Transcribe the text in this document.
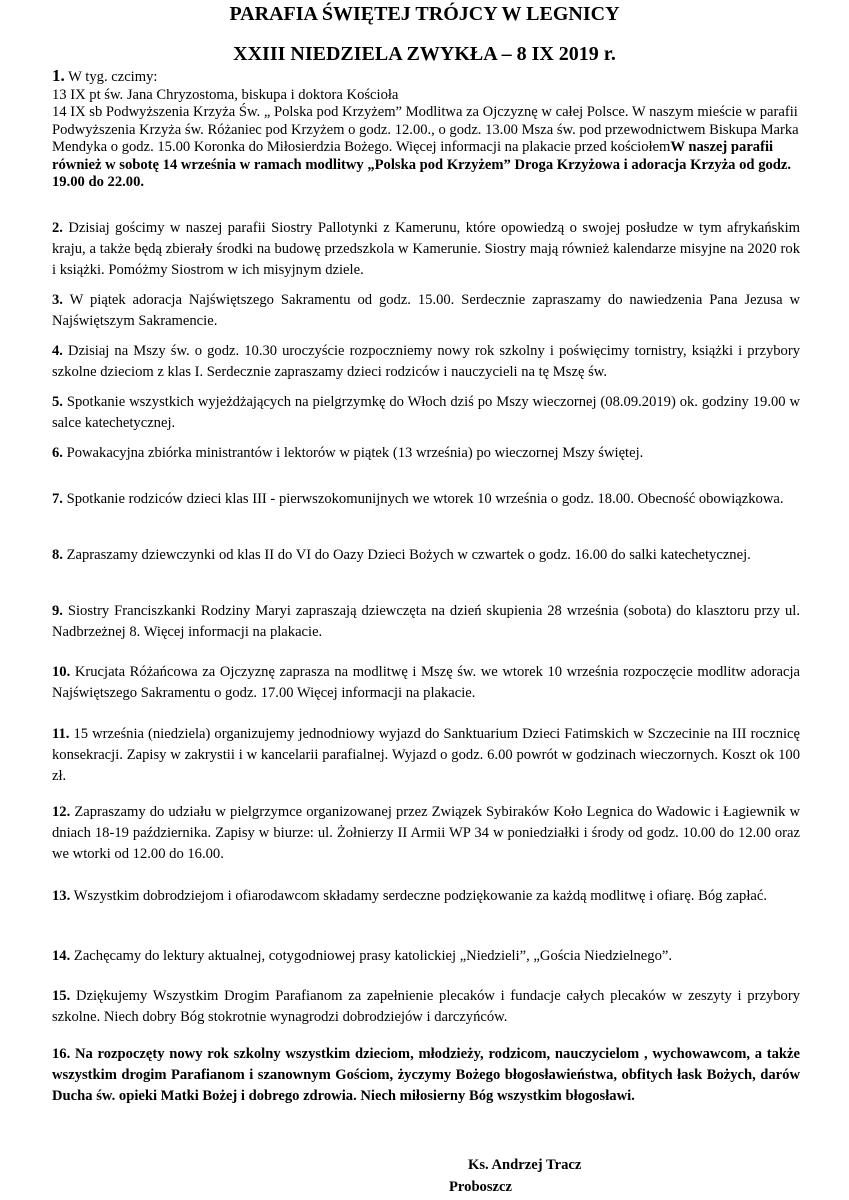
PARAFIA ŚWIĘTEJ TRÓJCY W LEGNICY
XXIII NIEDZIELA ZWYKŁA – 8 IX 2019 r.
1. W tyg. czcimy:
13 IX pt św. Jana Chryzostoma, biskupa i doktora Kościoła
14 IX sb Podwyższenia Krzyża Św. „ Polska pod Krzyżem” Modlitwa za Ojczyznę w całej Polsce. W naszym mieście w parafii Podwyższenia Krzyża św. Różaniec pod Krzyżem o godz. 12.00., o godz. 13.00 Msza św. pod przewodnictwem Biskupa Marka Mendyka o godz. 15.00 Koronka do Miłosierdzia Bożego. Więcej informacji na plakacie przed kościołemW naszej parafii również w sobotę 14 września w ramach modlitwy „Polska pod Krzyżem” Droga Krzyżowa i adoracja Krzyża od godz. 19.00 do 22.00.

2. Dzisiaj gościmy w naszej parafii Siostry Pallotynki z Kamerunu, które opowiedzą o swojej posłudze w tym afrykańskim kraju, a także będą zbierały środki na budowę przedszkola w Kamerunie. Siostry mają również kalendarze misyjne na 2020 rok i książki. Pomóżmy Siostrom w ich misyjnym dziele.

3. W piątek adoracja Najświętszego Sakramentu od godz. 15.00. Serdecznie zapraszamy do nawiedzenia Pana Jezusa w Najświętszym Sakramencie.

4. Dzisiaj na Mszy św. o godz. 10.30 uroczyście rozpoczniemy nowy rok szkolny i poświęcimy tornistry, książki i przybory szkolne dzieciom z klas I. Serdecznie zapraszamy dzieci rodziców i nauczycieli na tę Mszę św.

5. Spotkanie wszystkich wyjeżdżających na pielgrzymkę do Włoch dziś po Mszy wieczornej (08.09.2019) ok. godziny 19.00 w salce katechetycznej.

6. Powakacyjna zbiórka ministrantów i lektorów w piątek (13 września) po wieczornej Mszy świętej.

7. Spotkanie rodziców dzieci klas III - pierwszokomunijnych we wtorek 10 września o godz. 18.00. Obecność obowiązkowa.

8. Zapraszamy dziewczynki od klas II do VI do Oazy Dzieci Bożych w czwartek o godz. 16.00 do salki katechetycznej.

9. Siostry Franciszkanki Rodziny Maryi zapraszają dziewczęta na dzień skupienia 28 września (sobota) do klasztoru przy ul. Nadbrzeżnej 8. Więcej informacji na plakacie.

10. Krucjata Różańcowa za Ojczyznę zaprasza na modlitwę i Mszę św. we wtorek 10 września rozpoczęcie modlitw adoracja Najświętszego Sakramentu o godz. 17.00 Więcej informacji na plakacie.

11. 15 września (niedziela) organizujemy jednodniowy wyjazd do Sanktuarium Dzieci Fatimskich w Szczecinie na III rocznicę konsekracji. Zapisy w zakrystii i w kancelarii parafialnej. Wyjazd o godz. 6.00 powrót w godzinach wieczornych. Koszt ok 100 zł.

12. Zapraszamy do udziału w pielgrzymce organizowanej przez Związek Sybiraków Koło Legnica do Wadowic i Łagiewnik w dniach 18-19 października. Zapisy w biurze: ul. Żołnierzy II Armii WP 34 w poniedziałki i środy od godz. 10.00 do 12.00 oraz we wtorki od 12.00 do 16.00.

13. Wszystkim dobrodziejom i ofiarodawcom składamy serdeczne podziękowanie za każdą modlitwę i ofiarę. Bóg zapłać.

14. Zachęcamy do lektury aktualnej, cotygodniowej prasy katolickiej „Niedzieli”, „Gościa Niedzielnego”.

15. Dziękujemy Wszystkim Drogim Parafianom za zapełnienie plecaków i fundacje całych plecaków w zeszyty i przybory szkolne. Niech dobry Bóg stokrotnie wynagrodzi dobrodziejów i darczyńców.

16. Na rozpoczęty nowy rok szkolny wszystkim dzieciom, młodzieży, rodzicom, nauczycielom , wychowawcom, a także wszystkim drogim Parafianom i szanownym Gościom, życzymy Bożego błogosławieństwa, obfitych łask Bożych, darów Ducha św. opieki Matki Bożej i dobrego zdrowia. Niech miłosierny Bóg wszystkim błogosławi.

Ks. Andrzej Tracz
Proboszcz
